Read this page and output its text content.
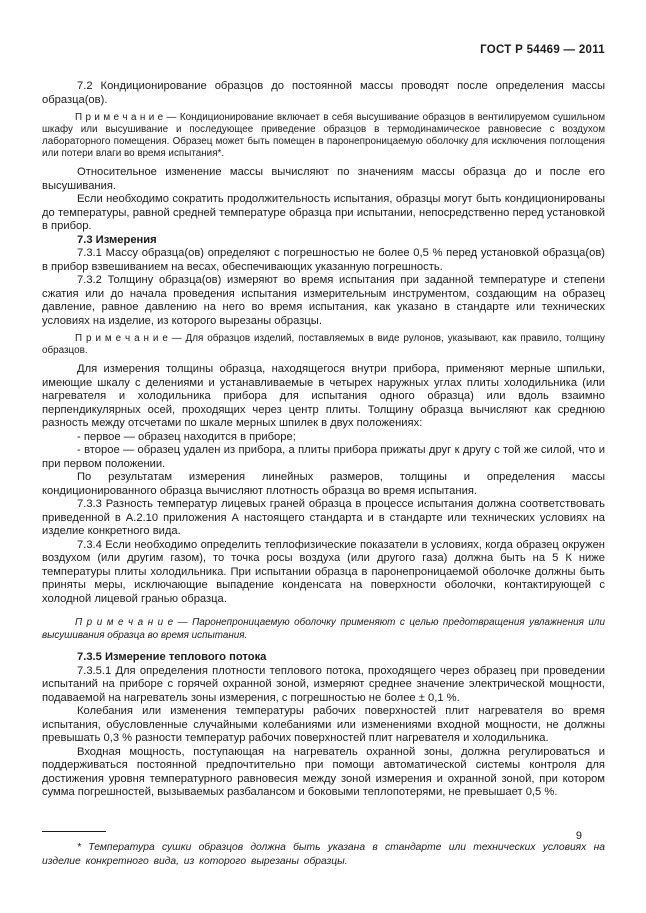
ГОСТ Р 54469 — 2011

7.2 Кондиционирование образцов до постоянной массы проводят после определения массы образца(ов).

П р и м е ч а н и е — Кондиционирование включает в себя высушивание образцов в вентилируемом сушильном шкафу или высушивание и последующее приведение образцов в термодинамическое равновесие с воздухом лабораторного помещения. Образец может быть помещен в паронепроницаемую оболочку для исключения поглощения или потери влаги во время испытания*.

Относительное изменение массы вычисляют по значениям массы образца до и после его высушивания.

Если необходимо сократить продолжительность испытания, образцы могут быть кондиционированы до температуры, равной средней температуре образца при испытании, непосредственно перед установкой в прибор.

7.3 Измерения

7.3.1 Массу образца(ов) определяют с погрешностью не более 0,5 % перед установкой образца(ов) в прибор взвешиванием на весах, обеспечивающих указанную погрешность.

7.3.2 Толщину образца(ов) измеряют во время испытания при заданной температуре и степени сжатия или до начала проведения испытания измерительным инструментом, создающим на образец давление, равное давлению на него во время испытания, как указано в стандарте или технических условиях на изделие, из которого вырезаны образцы.

П р и м е ч а н и е — Для образцов изделий, поставляемых в виде рулонов, указывают, как правило, толщину образцов.

Для измерения толщины образца, находящегося внутри прибора, применяют мерные шпильки, имеющие шкалу с делениями и устанавливаемые в четырех наружных углах плиты холодильника (или нагревателя и холодильника прибора для испытания одного образца) или вдоль взаимно перпендикулярных осей, проходящих через центр плиты. Толщину образца вычисляют как среднюю разность между отсчетами по шкале мерных шпилек в двух положениях:

- первое — образец находится в приборе;

- второе — образец удален из прибора, а плиты прибора прижаты друг к другу с той же силой, что и при первом положении.

По результатам измерения линейных размеров, толщины и определения массы кондиционированного образца вычисляют плотность образца во время испытания.

7.3.3 Разность температур лицевых граней образца в процессе испытания должна соответствовать приведенной в А.2.10 приложения А настоящего стандарта и в стандарте или технических условиях на изделие конкретного вида.

7.3.4 Если необходимо определить теплофизические показатели в условиях, когда образец окружен воздухом (или другим газом), то точка росы воздуха (или другого газа) должна быть на 5 К ниже температуры плиты холодильника. При испытании образца в паронепроницаемой оболочке должны быть приняты меры, исключающие выпадение конденсата на поверхности оболочки, контактирующей с холодной лицевой гранью образца.

П р и м е ч а н и е — Паронепроницаемую оболочку применяют с целью предотвращения увлажнения или высушивания образца во время испытания.

7.3.5 Измерение теплового потока

7.3.5.1 Для определения плотности теплового потока, проходящего через образец при проведении испытаний на приборе с горячей охранной зоной, измеряют среднее значение электрической мощности, подаваемой на нагреватель зоны измерения, с погрешностью не более ± 0,1 %.

Колебания или изменения температуры рабочих поверхностей плит нагревателя во время испытания, обусловленные случайными колебаниями или изменениями входной мощности, не должны превышать 0,3 % разности температур рабочих поверхностей плит нагревателя и холодильника.

Входная мощность, поступающая на нагреватель охранной зоны, должна регулироваться и поддерживаться постоянной предпочтительно при помощи автоматической системы контроля для достижения уровня температурного равновесия между зоной измерения и охранной зоной, при котором сумма погрешностей, вызываемых разбалансом и боковыми теплопотерями, не превышает 0,5 %.

* Температура сушки образцов должна быть указана в стандарте или технических условиях на изделие конкретного вида, из которого вырезаны образцы.

9
